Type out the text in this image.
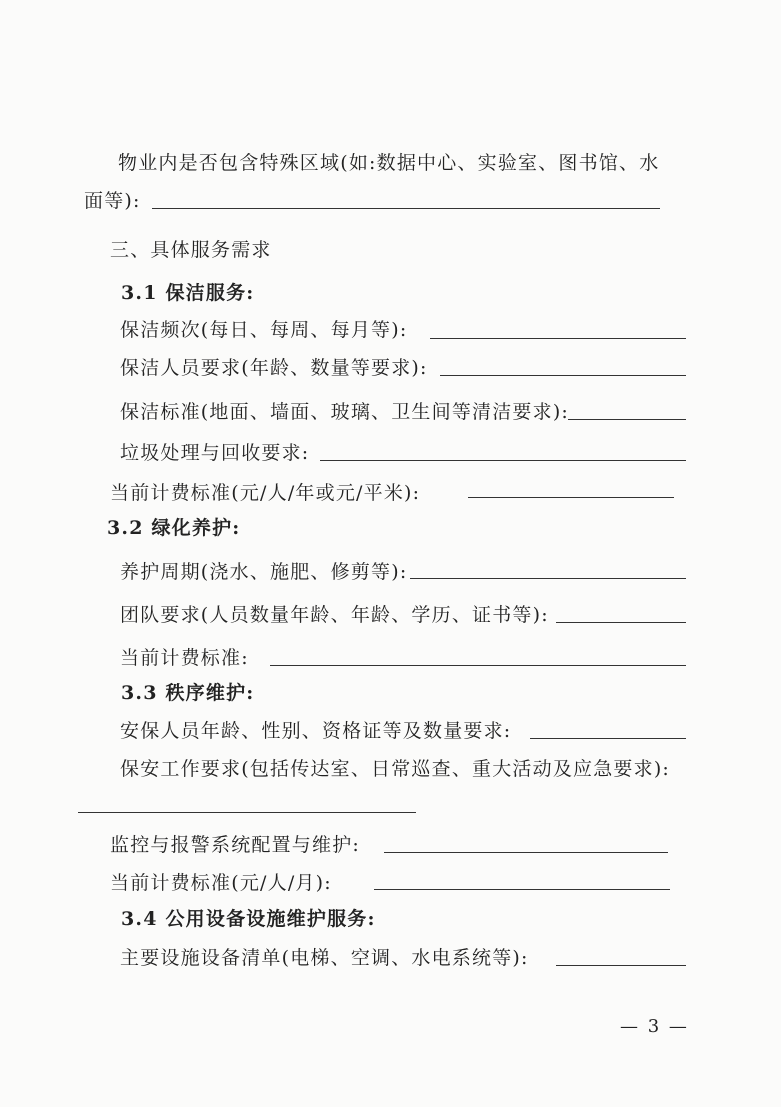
物业内是否包含特殊区域(如:数据中心、实验室、图书馆、水
面等):
三、具体服务需求
3.1 保洁服务:
保洁频次(每日、每周、每月等):
保洁人员要求(年龄、数量等要求):
保洁标准(地面、墙面、玻璃、卫生间等清洁要求):
垃圾处理与回收要求:
当前计费标准(元/人/年或元/平米):
3.2 绿化养护:
养护周期(浇水、施肥、修剪等):
团队要求(人员数量年龄、年龄、学历、证书等):
当前计费标准:
3.3 秩序维护:
安保人员年龄、性别、资格证等及数量要求:
保安工作要求(包括传达室、日常巡查、重大活动及应急要求):
监控与报警系统配置与维护:
当前计费标准(元/人/月):
3.4 公用设备设施维护服务:
主要设施设备清单(电梯、空调、水电系统等):
— 3 —
